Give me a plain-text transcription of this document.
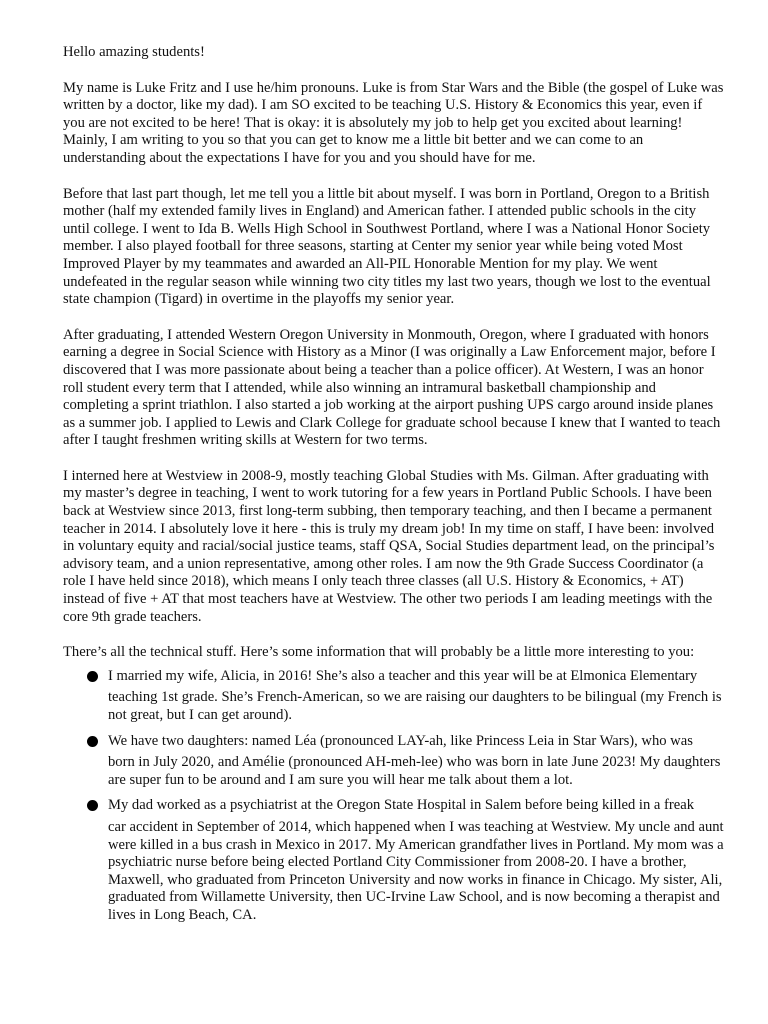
Hello amazing students!

My name is Luke Fritz and I use he/him pronouns. Luke is from Star Wars and the Bible (the gospel of Luke was written by a doctor, like my dad). I am SO excited to be teaching U.S. History & Economics this year, even if you are not excited to be here! That is okay: it is absolutely my job to help get you excited about learning! Mainly, I am writing to you so that you can get to know me a little bit better and we can come to an understanding about the expectations I have for you and you should have for me.

Before that last part though, let me tell you a little bit about myself. I was born in Portland, Oregon to a British mother (half my extended family lives in England) and American father. I attended public schools in the city until college. I went to Ida B. Wells High School in Southwest Portland, where I was a National Honor Society member. I also played football for three seasons, starting at Center my senior year while being voted Most Improved Player by my teammates and awarded an All-PIL Honorable Mention for my play. We went undefeated in the regular season while winning two city titles my last two years, though we lost to the eventual state champion (Tigard) in overtime in the playoffs my senior year.

After graduating, I attended Western Oregon University in Monmouth, Oregon, where I graduated with honors earning a degree in Social Science with History as a Minor (I was originally a Law Enforcement major, before I discovered that I was more passionate about being a teacher than a police officer). At Western, I was an honor roll student every term that I attended, while also winning an intramural basketball championship and completing a sprint triathlon. I also started a job working at the airport pushing UPS cargo around inside planes as a summer job. I applied to Lewis and Clark College for graduate school because I knew that I wanted to teach after I taught freshmen writing skills at Western for two terms.

I interned here at Westview in 2008-9, mostly teaching Global Studies with Ms. Gilman. After graduating with my master’s degree in teaching, I went to work tutoring for a few years in Portland Public Schools. I have been back at Westview since 2013, first long-term subbing, then temporary teaching, and then I became a permanent teacher in 2014. I absolutely love it here - this is truly my dream job! In my time on staff, I have been: involved in voluntary equity and racial/social justice teams, staff QSA, Social Studies department lead, on the principal’s advisory team, and a union representative, among other roles. I am now the 9th Grade Success Coordinator (a role I have held since 2018), which means I only teach three classes (all U.S. History & Economics, + AT) instead of five + AT that most teachers have at Westview. The other two periods I am leading meetings with the core 9th grade teachers.

There’s all the technical stuff. Here’s some information that will probably be a little more interesting to you:

I married my wife, Alicia, in 2016! She’s also a teacher and this year will be at Elmonica Elementary
teaching 1st grade. She’s French-American, so we are raising our daughters to be bilingual (my French is not great, but I can get around).
We have two daughters: named Léa (pronounced LAY-ah, like Princess Leia in Star Wars), who was
born in July 2020, and Amélie (pronounced AH-meh-lee) who was born in late June 2023! My daughters are super fun to be around and I am sure you will hear me talk about them a lot.
My dad worked as a psychiatrist at the Oregon State Hospital in Salem before being killed in a freak
car accident in September of 2014, which happened when I was teaching at Westview. My uncle and aunt were killed in a bus crash in Mexico in 2017. My American grandfather lives in Portland. My mom was a psychiatric nurse before being elected Portland City Commissioner from 2008-20. I have a brother, Maxwell, who graduated from Princeton University and now works in finance in Chicago. My sister, Ali, graduated from Willamette University, then UC-Irvine Law School, and is now becoming a therapist and lives in Long Beach, CA.
